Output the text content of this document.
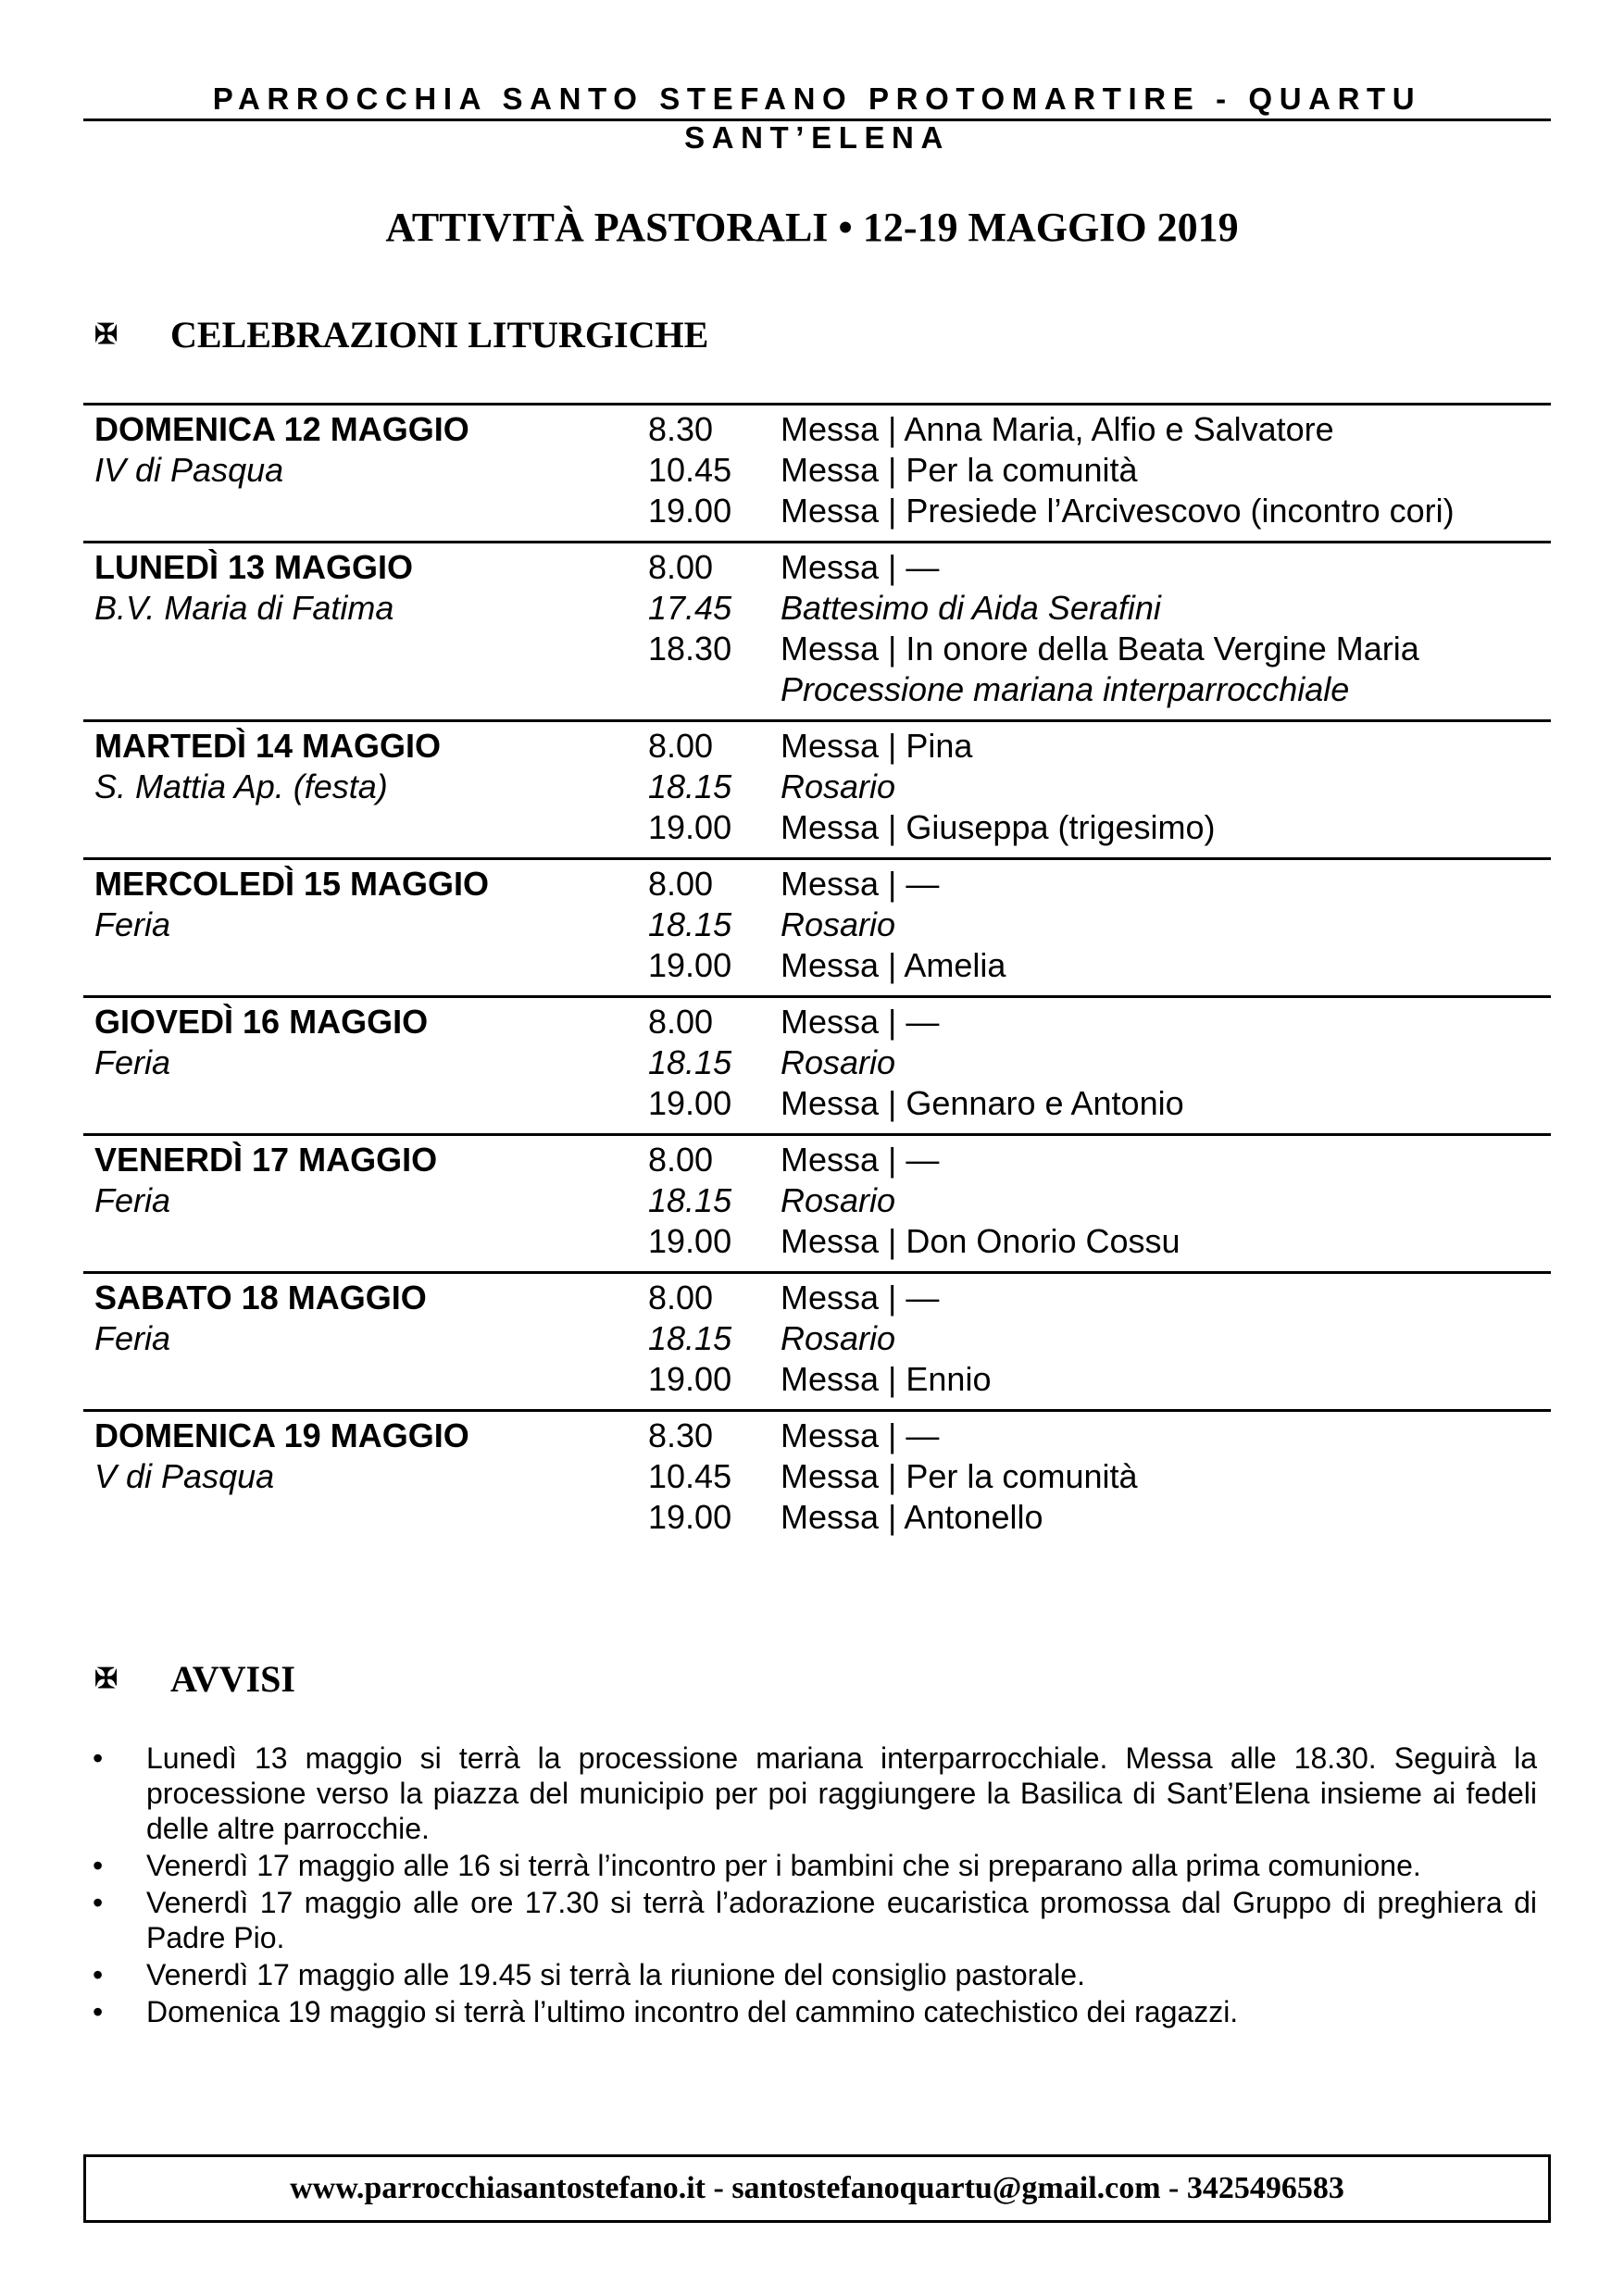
PARROCCHIA SANTO STEFANO PROTOMARTIRE - QUARTU SANT’ELENA
ATTIVITÀ PASTORALI • 12-19 MAGGIO 2019
✠ CELEBRAZIONI LITURGICHE
DOMENICA 12 MAGGIO
IV di Pasqua
8.30	Messa | Anna Maria, Alfio e Salvatore
10.45	Messa | Per la comunità
19.00	Messa | Presiede l’Arcivescovo (incontro cori)
LUNEDÌ 13 MAGGIO
B.V. Maria di Fatima
8.00	Messa | —
17.45	Battesimo di Aida Serafini
18.30	Messa | In onore della Beata Vergine Maria
Processione mariana interparrocchiale
MARTEDÌ 14 MAGGIO
S. Mattia Ap. (festa)
8.00	Messa | Pina
18.15	Rosario
19.00	Messa | Giuseppa (trigesimo)
MERCOLEDÌ 15 MAGGIO
Feria
8.00	Messa | —
18.15	Rosario
19.00	Messa | Amelia
GIOVEDÌ 16 MAGGIO
Feria
8.00	Messa | —
18.15	Rosario
19.00	Messa | Gennaro e Antonio
VENERDÌ 17 MAGGIO
Feria
8.00	Messa | —
18.15	Rosario
19.00	Messa | Don Onorio Cossu
SABATO 18 MAGGIO
Feria
8.00	Messa | —
18.15	Rosario
19.00	Messa | Ennio
DOMENICA 19 MAGGIO
V di Pasqua
8.30	Messa | —
10.45	Messa | Per la comunità
19.00	Messa | Antonello
✠ AVVISI
• Lunedì 13 maggio si terrà la processione mariana interparrocchiale. Messa alle 18.30. Seguirà la processione verso la piazza del municipio per poi raggiungere la Basilica di Sant’Elena insieme ai fedeli delle altre parrocchie.
• Venerdì 17 maggio alle 16 si terrà l’incontro per i bambini che si preparano alla prima comunione.
• Venerdì 17 maggio alle ore 17.30 si terrà l’adorazione eucaristica promossa dal Gruppo di preghiera di Padre Pio.
• Venerdì 17 maggio alle 19.45 si terrà la riunione del consiglio pastorale.
• Domenica 19 maggio si terrà l’ultimo incontro del cammino catechistico dei ragazzi.
www.parrocchiasantostefano.it - santostefanoquartu@gmail.com - 3425496583
